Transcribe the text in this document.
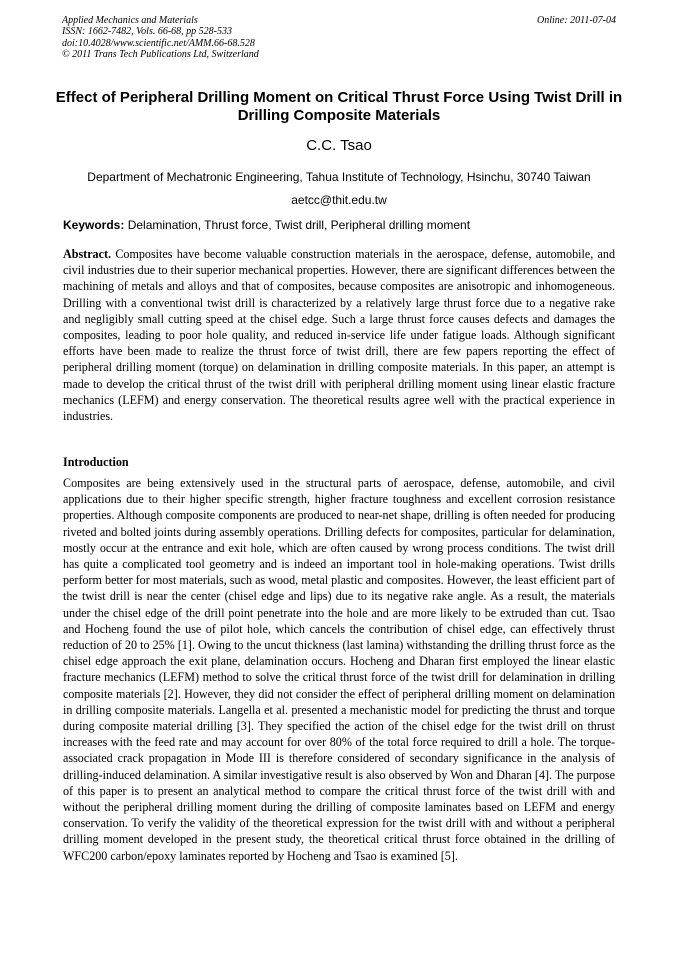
Applied Mechanics and Materials
ISSN: 1662-7482, Vols. 66-68, pp 528-533
doi:10.4028/www.scientific.net/AMM.66-68.528
© 2011 Trans Tech Publications Ltd, Switzerland
Online: 2011-07-04
Effect of Peripheral Drilling Moment on Critical Thrust Force Using Twist Drill in Drilling Composite Materials
C.C. Tsao
Department of Mechatronic Engineering, Tahua Institute of Technology, Hsinchu, 30740 Taiwan
aetcc@thit.edu.tw
Keywords: Delamination, Thrust force, Twist drill, Peripheral drilling moment

Abstract. Composites have become valuable construction materials in the aerospace, defense, automobile, and civil industries due to their superior mechanical properties. However, there are significant differences between the machining of metals and alloys and that of composites, because composites are anisotropic and inhomogeneous. Drilling with a conventional twist drill is characterized by a relatively large thrust force due to a negative rake and negligibly small cutting speed at the chisel edge. Such a large thrust force causes defects and damages the composites, leading to poor hole quality, and reduced in-service life under fatigue loads. Although significant efforts have been made to realize the thrust force of twist drill, there are few papers reporting the effect of peripheral drilling moment (torque) on delamination in drilling composite materials. In this paper, an attempt is made to develop the critical thrust of the twist drill with peripheral drilling moment using linear elastic fracture mechanics (LEFM) and energy conservation. The theoretical results agree well with the practical experience in industries.

Introduction

Composites are being extensively used in the structural parts of aerospace, defense, automobile, and civil applications due to their higher specific strength, higher fracture toughness and excellent corrosion resistance properties. Although composite components are produced to near-net shape, drilling is often needed for producing riveted and bolted joints during assembly operations. Drilling defects for composites, particular for delamination, mostly occur at the entrance and exit hole, which are often caused by wrong process conditions. The twist drill has quite a complicated tool geometry and is indeed an important tool in hole-making operations. Twist drills perform better for most materials, such as wood, metal plastic and composites. However, the least efficient part of the twist drill is near the center (chisel edge and lips) due to its negative rake angle. As a result, the materials under the chisel edge of the drill point penetrate into the hole and are more likely to be extruded than cut. Tsao and Hocheng found the use of pilot hole, which cancels the contribution of chisel edge, can effectively thrust reduction of 20 to 25% [1]. Owing to the uncut thickness (last lamina) withstanding the drilling thrust force as the chisel edge approach the exit plane, delamination occurs. Hocheng and Dharan first employed the linear elastic fracture mechanics (LEFM) method to solve the critical thrust force of the twist drill for delamination in drilling composite materials [2]. However, they did not consider the effect of peripheral drilling moment on delamination in drilling composite materials. Langella et al. presented a mechanistic model for predicting the thrust and torque during composite material drilling [3]. They specified the action of the chisel edge for the twist drill on thrust increases with the feed rate and may account for over 80% of the total force required to drill a hole. The torque-associated crack propagation in Mode III is therefore considered of secondary significance in the analysis of drilling-induced delamination. A similar investigative result is also observed by Won and Dharan [4]. The purpose of this paper is to present an analytical method to compare the critical thrust force of the twist drill with and without the peripheral drilling moment during the drilling of composite laminates based on LEFM and energy conservation. To verify the validity of the theoretical expression for the twist drill with and without a peripheral drilling moment developed in the present study, the theoretical critical thrust force obtained in the drilling of WFC200 carbon/epoxy laminates reported by Hocheng and Tsao is examined [5].
